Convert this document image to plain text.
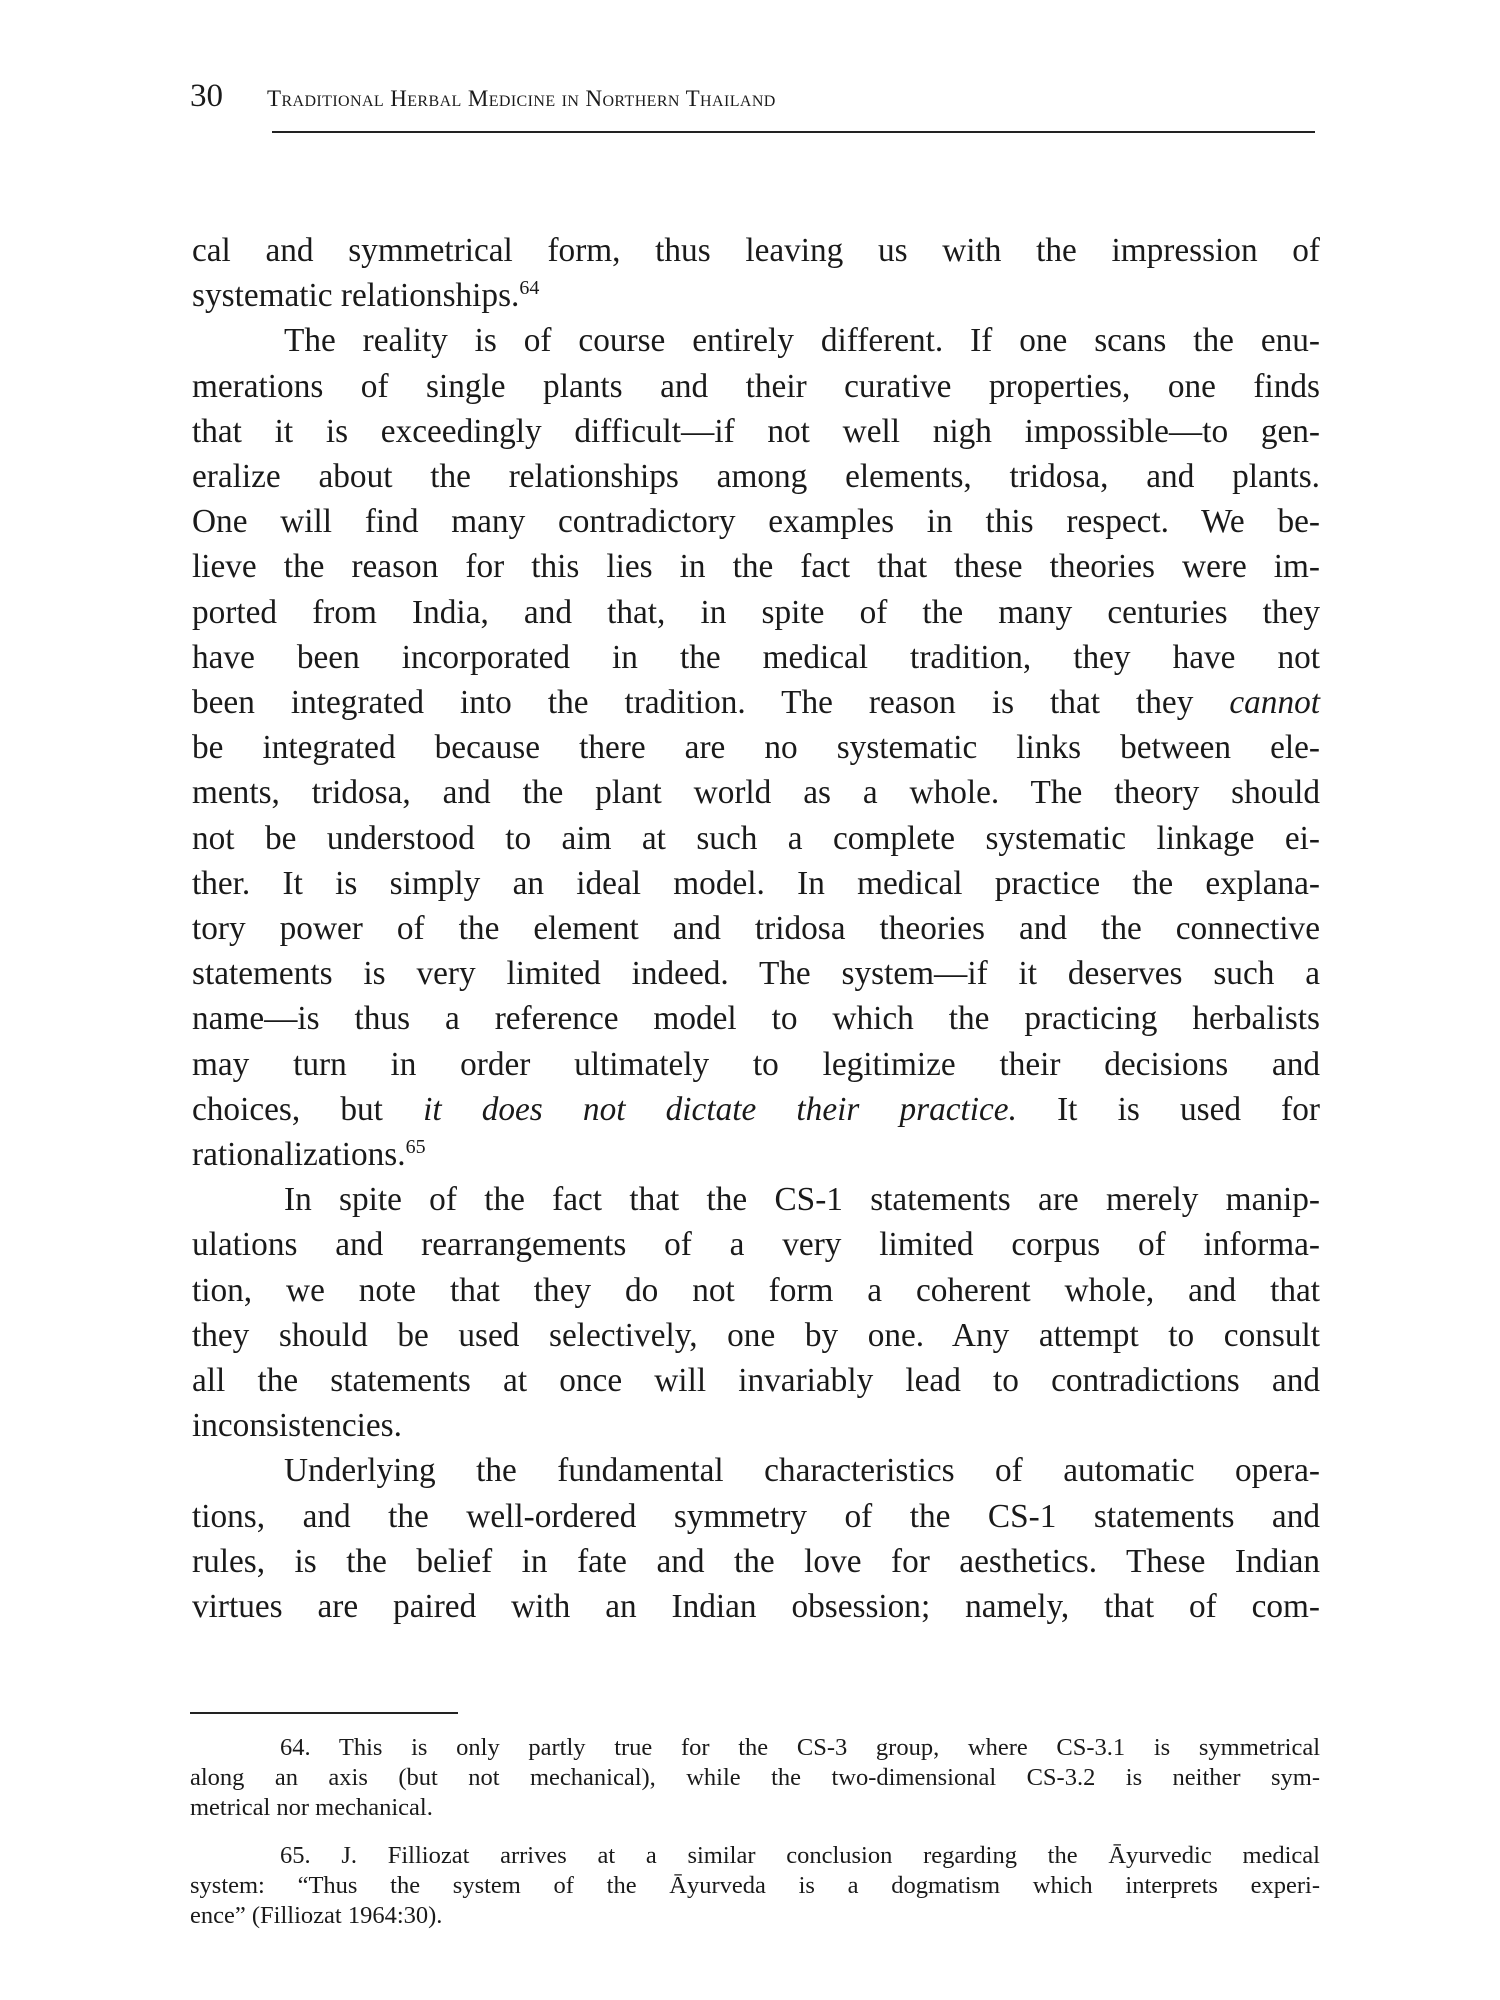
30 Traditional Herbal Medicine in Northern Thailand
cal and symmetrical form, thus leaving us with the impression of
systematic relationships.$^{64}$
The reality is of course entirely different. If one scans the enu-
merations of single plants and their curative properties, one finds
that it is exceedingly difficult—if not well nigh impossible—to gen-
eralize about the relationships among elements, tridosa, and plants.
One will find many contradictory examples in this respect. We be-
lieve the reason for this lies in the fact that these theories were im-
ported from India, and that, in spite of the many centuries they
have been incorporated in the medical tradition, they have not
been integrated into the tradition. The reason is that they cannot
be integrated because there are no systematic links between ele-
ments, tridosa, and the plant world as a whole. The theory should
not be understood to aim at such a complete systematic linkage ei-
ther. It is simply an ideal model. In medical practice the explana-
tory power of the element and tridosa theories and the connective
statements is very limited indeed. The system—if it deserves such a
name—is thus a reference model to which the practicing herbalists
may turn in order ultimately to legitimize their decisions and
choices, but it does not dictate their practice. It is used for
rationalizations.$^{65}$
In spite of the fact that the CS-1 statements are merely manip-
ulations and rearrangements of a very limited corpus of informa-
tion, we note that they do not form a coherent whole, and that
they should be used selectively, one by one. Any attempt to consult
all the statements at once will invariably lead to contradictions and
inconsistencies.
Underlying the fundamental characteristics of automatic opera-
tions, and the well-ordered symmetry of the CS-1 statements and
rules, is the belief in fate and the love for aesthetics. These Indian
virtues are paired with an Indian obsession; namely, that of com-
64. This is only partly true for the CS-3 group, where CS-3.1 is symmetrical
along an axis (but not mechanical), while the two-dimensional CS-3.2 is neither sym-
metrical nor mechanical.
65. J. Filliozat arrives at a similar conclusion regarding the Āyurvedic medical
system: “Thus the system of the Āyurveda is a dogmatism which interprets experi-
ence” (Filliozat 1964:30).
